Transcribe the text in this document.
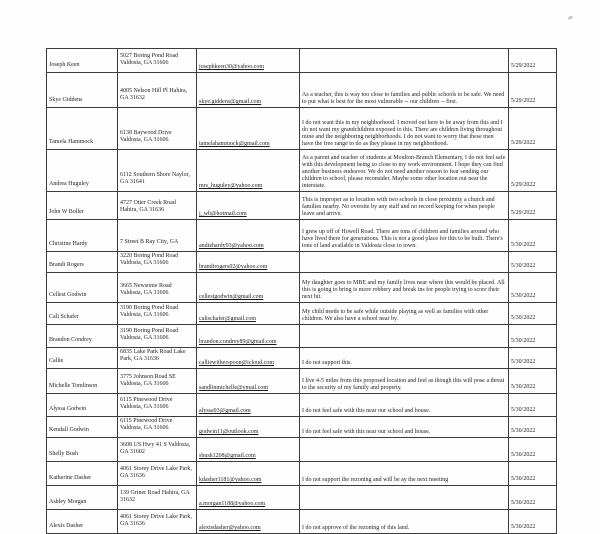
Joseph Keen	5027 Boring Pond Road Valdosta, GA 31606	josephkeen30@yahoo.com		5/29/2022
Skye Giddens	4005 Nelson Hill Pl Hahira, GA 31632	skye.giddens@gmail.com	As a teacher, this is way too close to families and public schools to be safe. We need to put what is best for the most vulnerable -- our children -- first.	5/29/2022
Tamela Hammock	6138 Baywood Drive Valdosta, GA 31606	tamelahammock@gmail.com	I do not want this in my neighborhood. I moved out here to be away from this and I do not want my grandchildren exposed to this. There are children living throughout mine and the neighboring neighborhoods. I do not want to worry that these men have the free range to do as they please in my neighborhood.	5/29/2022
Andrea Huguley	6112 Southern Shore Naylor, GA 31641	mrs_huguley@yahoo.com	As a parent and teacher of students at Moulton-Branch Elementary, I do not feel safe with this development being so close to my work environment. I hope they can find another business endeavor. We do not need another reason to fear sending our children to school, please reconsider. Maybe some other location out near the interstate.	5/29/2022
John W Boller	4727 Otter Creek Road Hahira, GA 31636	j_wb@hotmail.com	This is improper as to location with two schools in close proximity a church and families nearby. No oversite by any staff and no record keeping for when people leave and arrive.	5/29/2022
Christine Hardy	7 Street B Ray City, GA	andiehardy93@yahoo.com	I grew up off of Howell Road. There are tons of children and families around who have lived there for generations. This is not a good place for this to be built. There's tons of land available in Valdosta close to town.	5/30/2022
Brandi Rogers	3220 Boring Pond Road Valdosta, GA 31606	brandirogers02@yahoo.com		5/30/2022
Cellest Godwin	3665 Newsome Road Valdosta, GA 31606	cellestgodwin@gmail.com	My daughter goes to MBE and my family lives near where this would be placed. All this is going to bring is more robbery and break ins for people trying to score their next hit.	5/30/2022
Cali Schafer	3190 Boring Pond Road Valdosta, GA 31606	calischafer@gmail.com	My child needs to be safe while outside playing as well as families with other children. We also have a school near by.	5/30/2022
Brandon Condrey	3190 Boring Pond Road Valdosta, GA 31606	brandon.condrey89@gmail.com		5/30/2022
Callie	6835 Lake Park Road Lake Park, GA 31636	calliewitherspoon@icloud.com	I do not support this.	5/30/2022
Michelle Tomlinson	3775 Johnson Road SE Valdosta, GA 31606	sandlinmichelle@ymail.com	I live 4-5 miles from this proposed location and feel as though this will pose a threat to the security of my family and property.	5/30/2022
Alyssa Godwin	6115 Pinewood Drive Valdosta, GA 31606	alyssa93@gmail.com	I do not feel safe with this near our school and house.	5/30/2022
Kendall Godwin	6115 Pinewood Drive Valdosta, GA 31606	godwin11@outlook.com	I do not feel safe with this near our school and house.	5/30/2022
Shelly Bush	3608 US Hwy 41 S Valdosta, GA 31602	sbush1208@gmail.com		5/30/2022
Katherine Dasher	4061 Storey Drive Lake Park, GA 31636	kdasher1181@yahoo.com	I do not support the rezoning and will be ay the next meeting	5/30/2022
Ashley Morgan	139 Griner Road Hahira, GA 31632	a.morgan1188@yahoo.com		5/30/2022
Alexis Dasher	4061 Storey Drive Lake Park, GA 31636	alexisdasher@yahoo.com	I do not approve of the rezoning of this land.	5/30/2022
